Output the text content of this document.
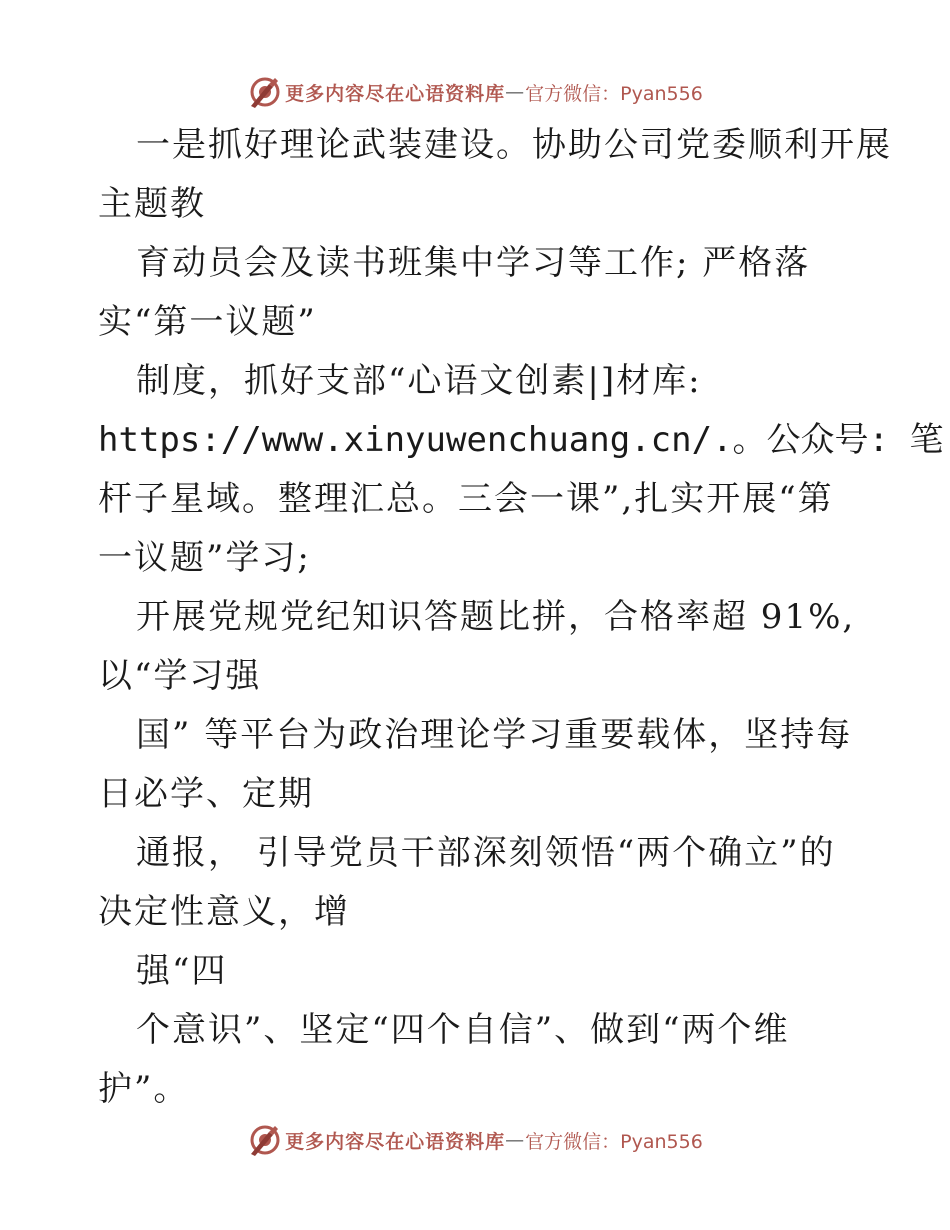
更多内容尽在心语资料库 — 官方微信：Pyan556
一是抓好理论武装建设。协助公司党委顺利开展
主题教
育动员会及读书班集中学习等工作; 严格落
实“第一议题”
制度，抓好支部“心语文创素|]材库:
https://www.xinyuwenchuang.cn/.。公众号: 笔
杆子星域。整理汇总。三会一课”,扎实开展“第
一议题”学习;
开展党规党纪知识答题比拼，合格率超 91%,
以“学习强
国” 等平台为政治理论学习重要载体，坚持每
日必学、定期
通报， 引导党员干部深刻领悟“两个确立”的
决定性意义，增
强“四
个意识”、坚定“四个自信”、做到“两个维
护”。
更多内容尽在心语资料库 — 官方微信：Pyan556
